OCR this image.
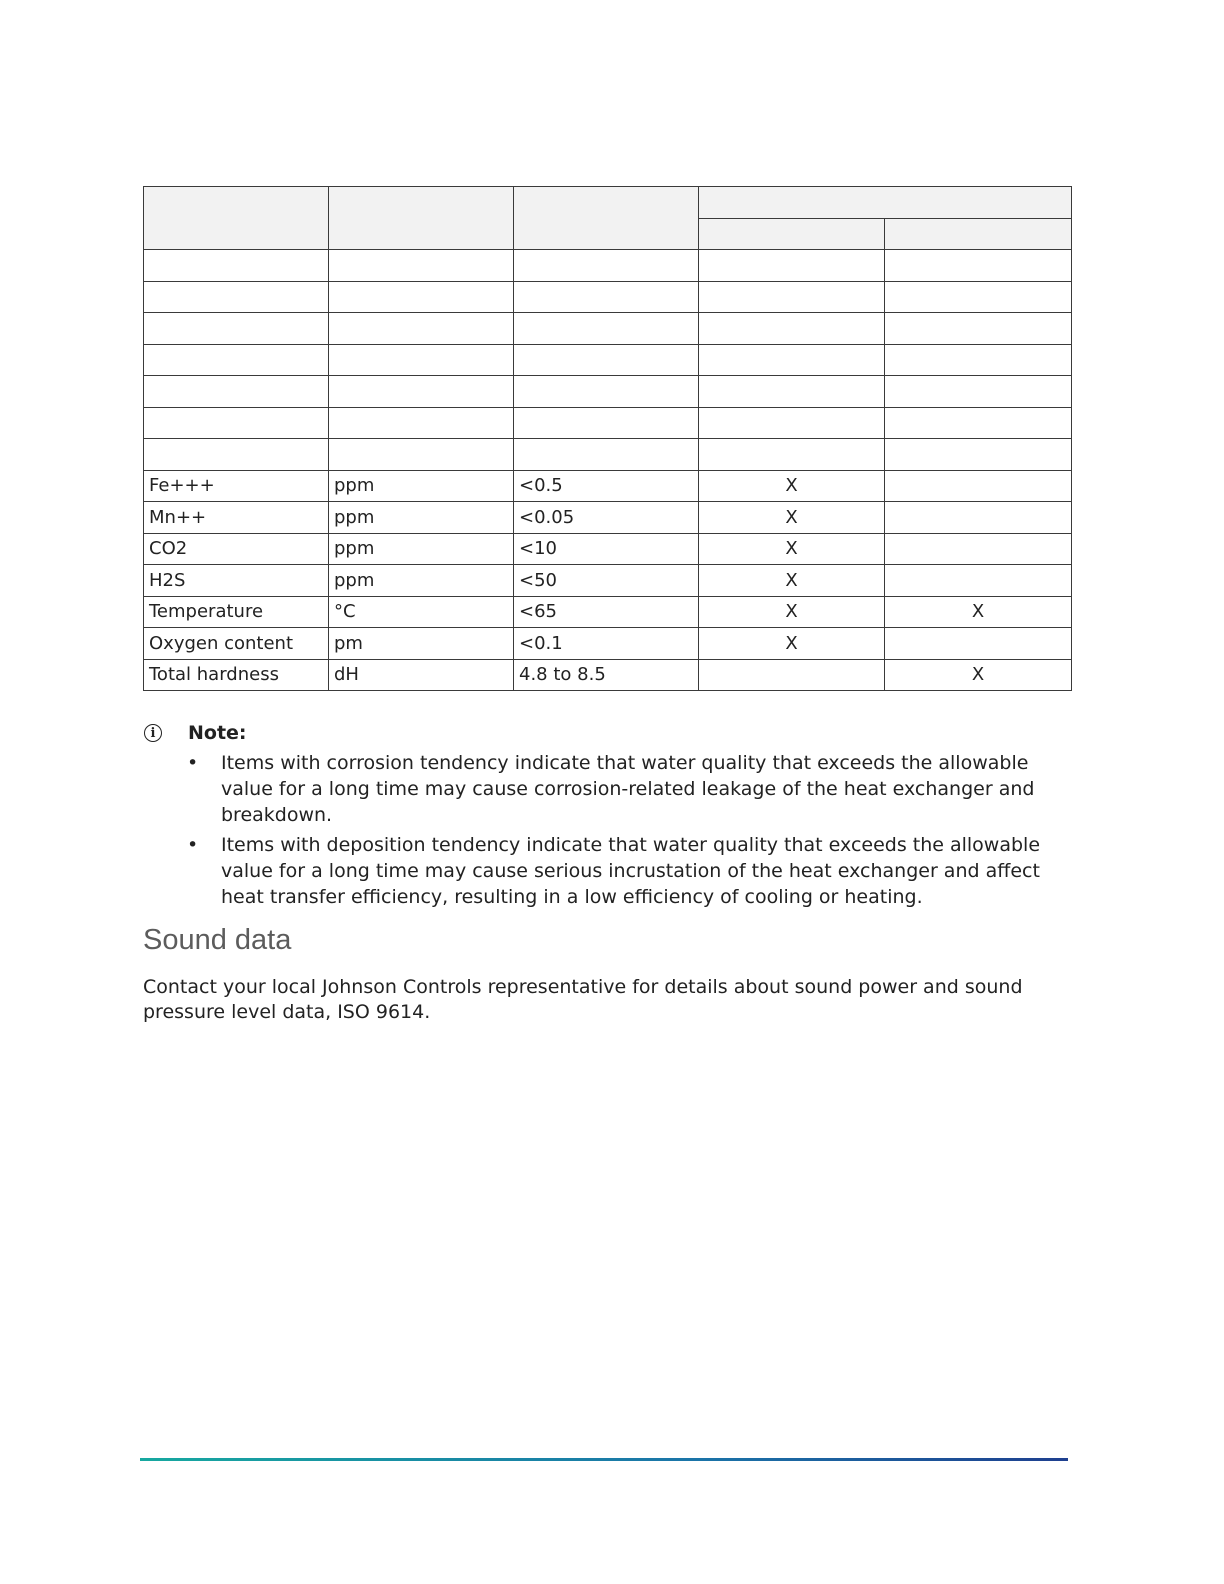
Fe+++	ppm	<0.5	X	
Mn++	ppm	<0.05	X	
CO2	ppm	<10	X	
H2S	ppm	<50	X	
Temperature	°C	<65	X	X
Oxygen content	pm	<0.1	X	
Total hardness	dH	4.8 to 8.5		X
i	Note:
• Items with corrosion tendency indicate that water quality that exceeds the allowable value for a long time may cause corrosion-related leakage of the heat exchanger and breakdown.
• Items with deposition tendency indicate that water quality that exceeds the allowable value for a long time may cause serious incrustation of the heat exchanger and affect heat transfer efficiency, resulting in a low efficiency of cooling or heating.
Sound data

Contact your local Johnson Controls representative for details about sound power and sound pressure level data, ISO 9614.
